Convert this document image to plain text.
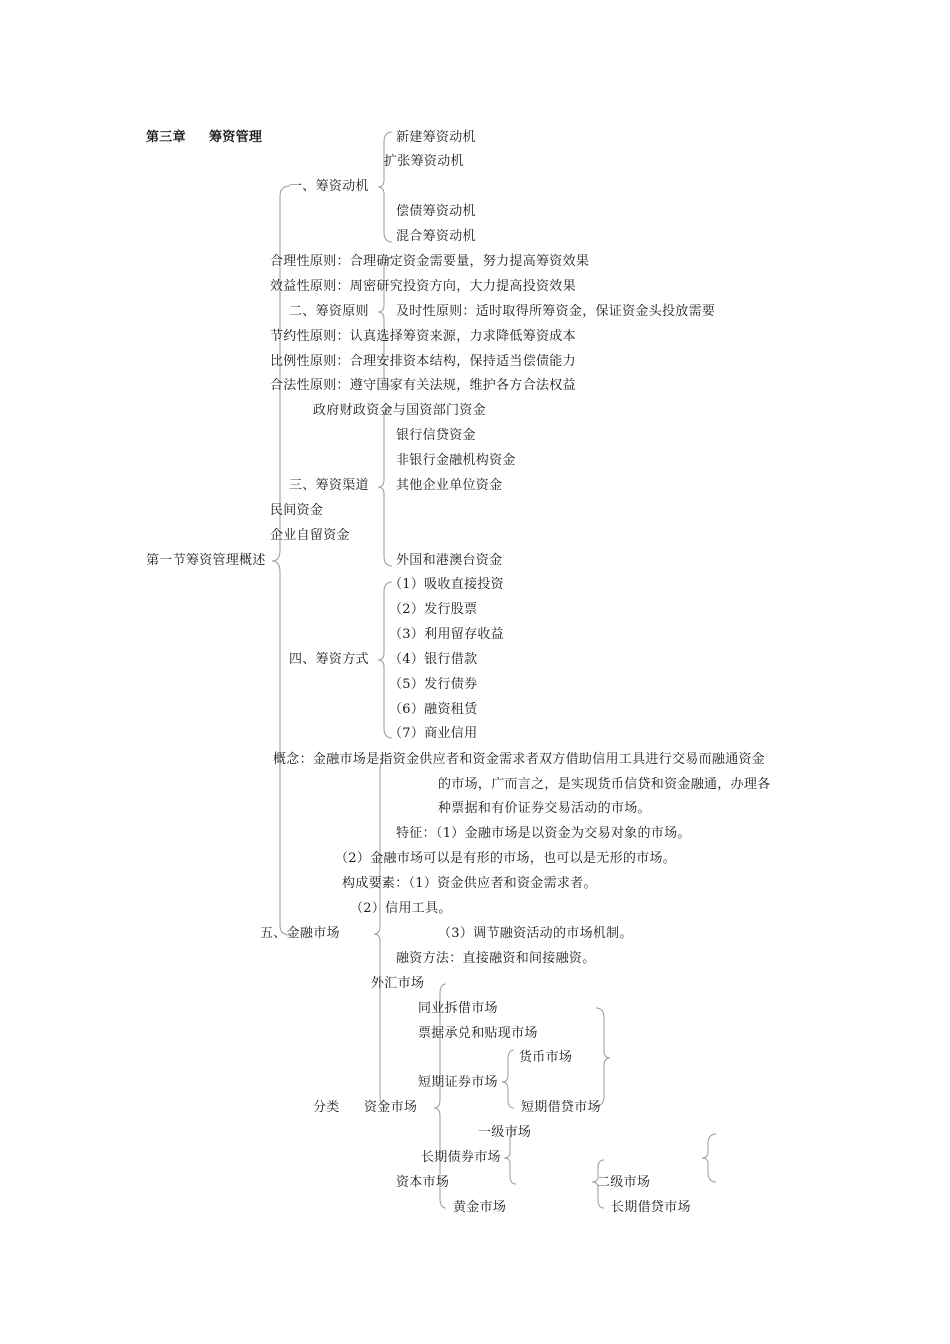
第三章 筹资管理
第一节筹资管理概述
一、筹资动机
新建筹资动机
扩张筹资动机
偿债筹资动机
混合筹资动机
合理性原则：合理确定资金需要量，努力提高筹资效果
效益性原则：周密研究投资方向，大力提高投资效果
二、筹资原则 及时性原则：适时取得所筹资金，保证资金头投放需要
节约性原则：认真选择筹资来源，力求降低筹资成本
比例性原则：合理安排资本结构，保持适当偿债能力
合法性原则：遵守国家有关法规，维护各方合法权益
政府财政资金与国资部门资金
银行信贷资金
非银行金融机构资金
三、筹资渠道 其他企业单位资金
民间资金
企业自留资金
外国和港澳台资金
（1）吸收直接投资
（2）发行股票
（3）利用留存收益
四、筹资方式 （4）银行借款
（5）发行债券
（6）融资租赁
（7）商业信用
概念：金融市场是指资金供应者和资金需求者双方借助信用工具进行交易而融通资金
的市场，广而言之，是实现货币信贷和资金融通，办理各
种票据和有价证券交易活动的市场。
特征：（1）金融市场是以资金为交易对象的市场。
（2）金融市场可以是有形的市场，也可以是无形的市场。
构成要素：（1）资金供应者和资金需求者。
（2）信用工具。
五、金融市场	（3）调节融资活动的市场机制。
融资方法：直接融资和间接融资。
外汇市场
同业拆借市场
票据承兑和贴现市场
货币市场
短期证券市场
分类 资金市场	短期借贷市场
一级市场
长期债券市场
资本市场	二级市场
黄金市场	长期借贷市场
